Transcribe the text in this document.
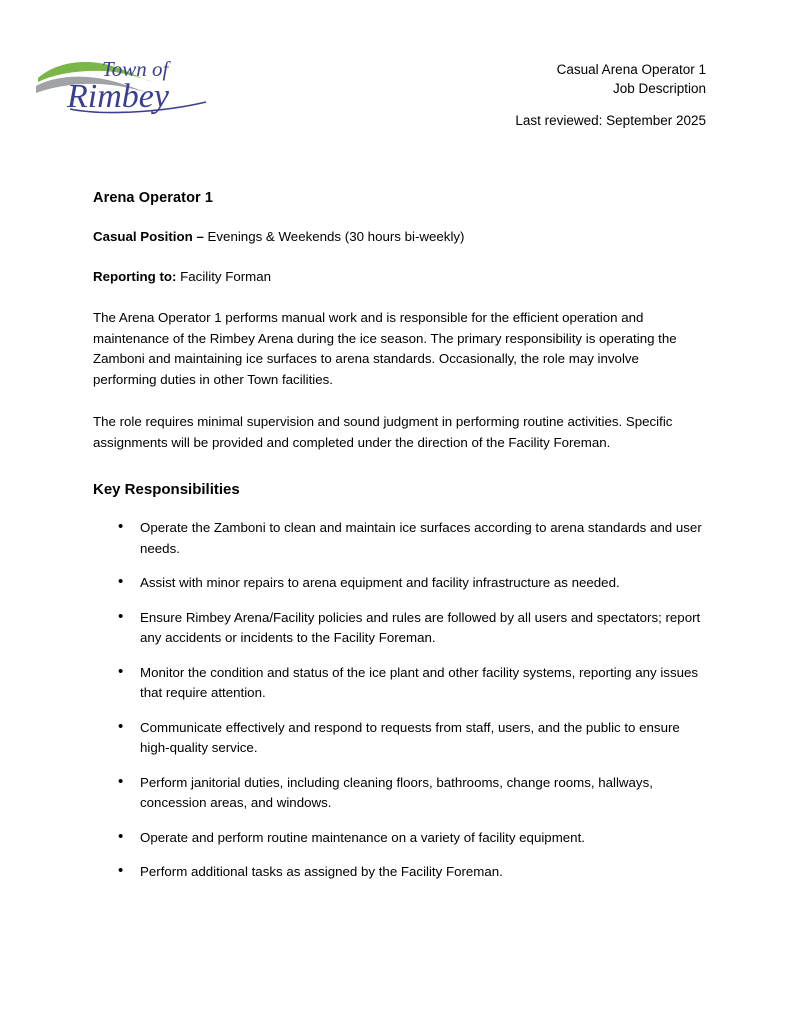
Town of
Rimbey
Casual Arena Operator 1
Job Description
Last reviewed: September 2025
Arena Operator 1

Casual Position – Evenings & Weekends (30 hours bi-weekly)

Reporting to: Facility Forman

The Arena Operator 1 performs manual work and is responsible for the efficient operation and maintenance of the Rimbey Arena during the ice season. The primary responsibility is operating the Zamboni and maintaining ice surfaces to arena standards. Occasionally, the role may involve performing duties in other Town facilities.

The role requires minimal supervision and sound judgment in performing routine activities. Specific assignments will be provided and completed under the direction of the Facility Foreman.

Key Responsibilities
• Operate the Zamboni to clean and maintain ice surfaces according to arena standards and user needs.
• Assist with minor repairs to arena equipment and facility infrastructure as needed.
• Ensure Rimbey Arena/Facility policies and rules are followed by all users and spectators; report any accidents or incidents to the Facility Foreman.
• Monitor the condition and status of the ice plant and other facility systems, reporting any issues that require attention.
• Communicate effectively and respond to requests from staff, users, and the public to ensure high-quality service.
• Perform janitorial duties, including cleaning floors, bathrooms, change rooms, hallways, concession areas, and windows.
• Operate and perform routine maintenance on a variety of facility equipment.
• Perform additional tasks as assigned by the Facility Foreman.
